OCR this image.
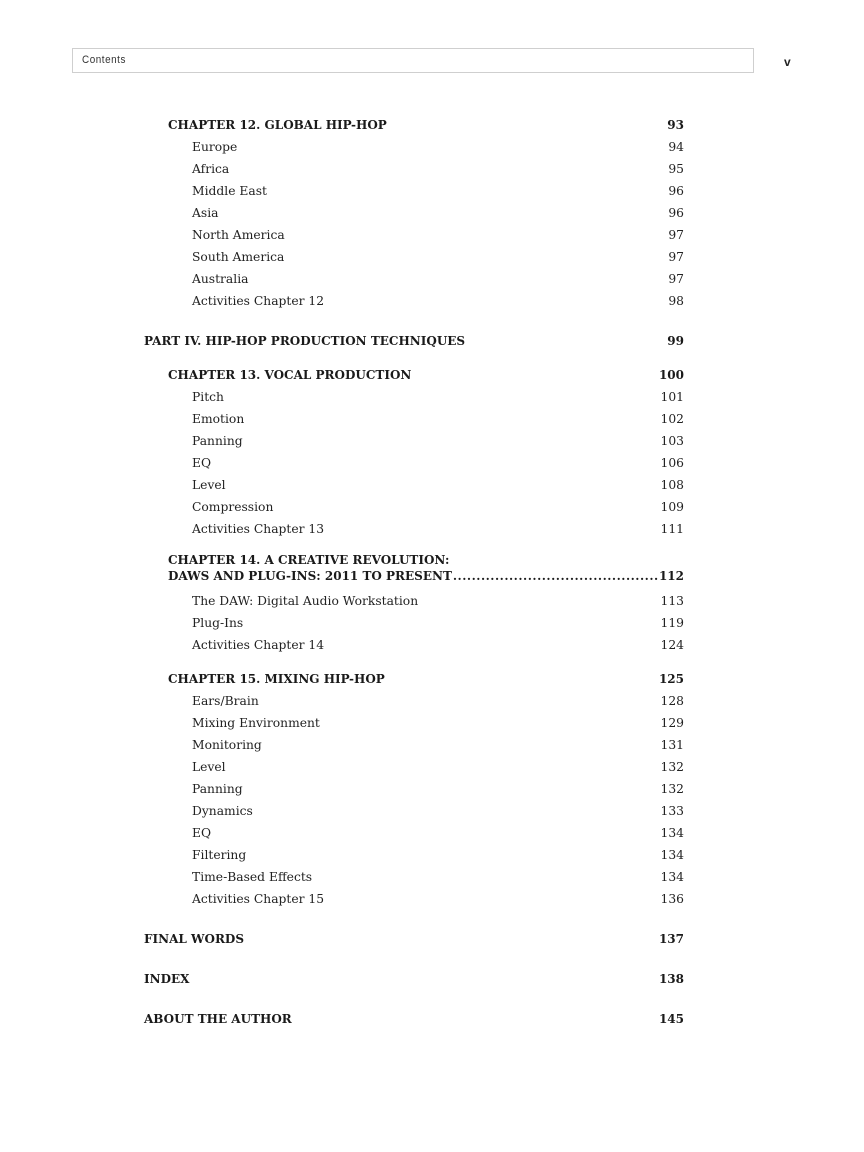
Contents	v
CHAPTER 12. GLOBAL HIP-HOP .....	93
Europe .....	94
Africa .....	95
Middle East .....	96
Asia .....	96
North America .....	97
South America .....	97
Australia .....	97
Activities Chapter 12 .....	98
PART IV. HIP-HOP PRODUCTION TECHNIQUES .....	99
CHAPTER 13. VOCAL PRODUCTION .....	100
Pitch .....	101
Emotion .....	102
Panning .....	103
EQ .....	106
Level .....	108
Compression .....	109
Activities Chapter 13 .....	111
CHAPTER 14. A CREATIVE REVOLUTION:
DAWS AND PLUG-INS: 2011 TO PRESENT .....	112
The DAW: Digital Audio Workstation .....	113
Plug-Ins .....	119
Activities Chapter 14 .....	124
CHAPTER 15. MIXING HIP-HOP .....	125
Ears/Brain .....	128
Mixing Environment .....	129
Monitoring .....	131
Level .....	132
Panning .....	132
Dynamics .....	133
EQ .....	134
Filtering .....	134
Time-Based Effects .....	134
Activities Chapter 15 .....	136
FINAL WORDS .....	137
INDEX .....	138
ABOUT THE AUTHOR .....	145
